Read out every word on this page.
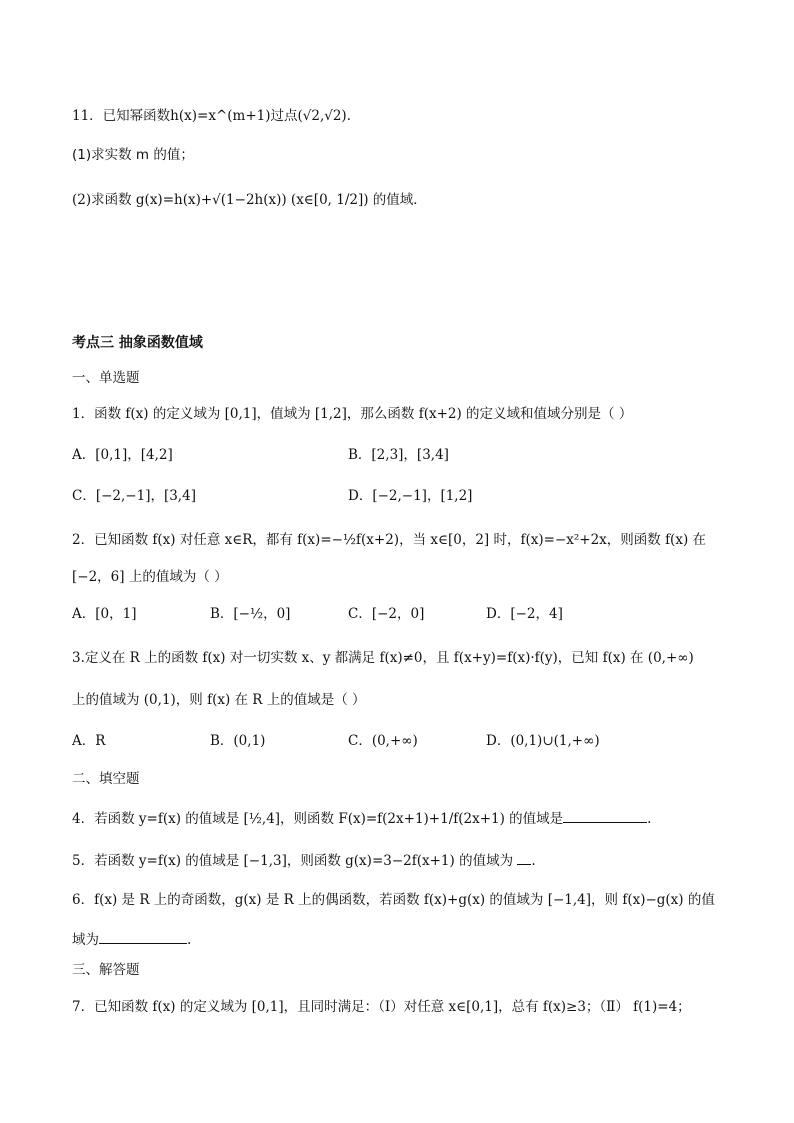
11．已知幂函数h(x)=x^(m+1)过点(√2,√2)．
(1)求实数 m 的值；
(2)求函数 g(x)=h(x)+√(1−2h(x)) (x∈[0, 1/2]) 的值域．
考点三 抽象函数值域
一、单选题
1．函数 f(x) 的定义域为 [0,1]，值域为 [1,2]，那么函数 f(x+2) 的定义域和值域分别是（ ）
A．[0,1]，[4,2]	B．[2,3]，[3,4]
C．[−2,−1]，[3,4]	D．[−2,−1]，[1,2]
2．已知函数 f(x) 对任意 x∈R，都有 f(x)=−½f(x+2)，当 x∈[0，2] 时，f(x)=−x²+2x，则函数 f(x) 在
[−2，6] 上的值域为（ ）
A．[0，1]	B．[−½，0]	C．[−2，0]	D．[−2，4]
3.定义在 R 上的函数 f(x) 对一切实数 x、y 都满足 f(x)≠0，且 f(x+y)=f(x)·f(y)，已知 f(x) 在 (0,+∞)
上的值域为 (0,1)，则 f(x) 在 R 上的值域是（ ）
A．R	B．(0,1)	C．(0,+∞)	D．(0,1)∪(1,+∞)
二、填空题
4．若函数 y=f(x) 的值域是 [½,4]，则函数 F(x)=f(2x+1)+1/f(2x+1) 的值域是	.
5．若函数 y=f(x) 的值域是 [−1,3]，则函数 g(x)=3−2f(x+1) 的值域为 .
6．f(x) 是 R 上的奇函数，g(x) 是 R 上的偶函数，若函数 f(x)+g(x) 的值域为 [−1,4]，则 f(x)−g(x) 的值
域为	.
三、解答题
7．已知函数 f(x) 的定义域为 [0,1]，且同时满足：（Ⅰ）对任意 x∈[0,1]，总有 f(x)≥3；（Ⅱ） f(1)=4；
